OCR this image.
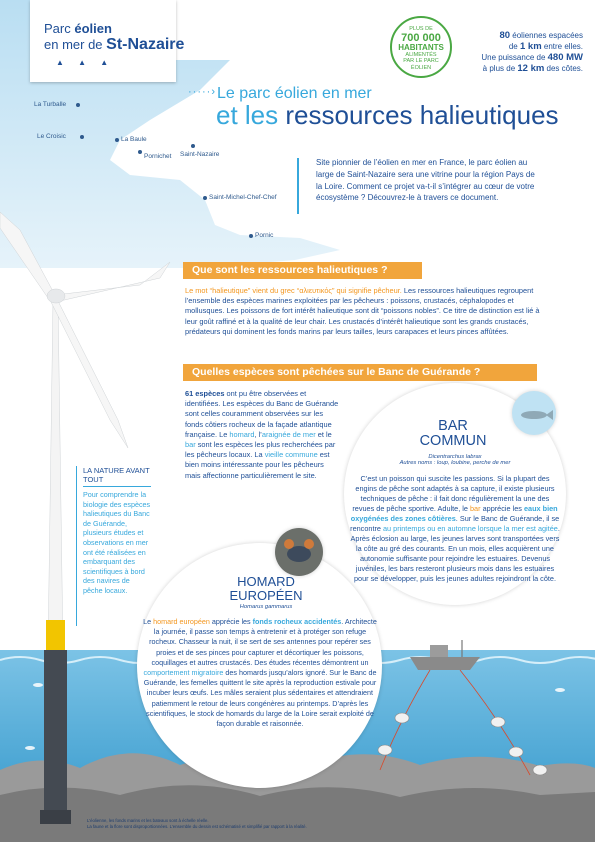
Parc éolien
en mer de St-Nazaire
▲ ▲ ▲
PLUS DE
700 000
HABITANTS
ALIMENTÉS
PAR LE PARC
ÉOLIEN
80 éoliennes espacées
de 1 km entre elles.
Une puissance de 480 MW
à plus de 12 km des côtes.
La Turballe
Le Croisic	La Baule
Pornichet Saint-Nazaire
Saint-Michel-Chef-Chef
Pornic
·····› Le parc éolien en mer
et les ressources halieutiques
Site pionnier de l’éolien en mer en France, le parc éolien au large de Saint-Nazaire sera une vitrine pour la région Pays de la Loire. Comment ce projet va-t-il s’intégrer au cœur de votre écosystème ? Découvrez-le à travers ce document.
Que sont les ressources halieutiques ?
Le mot “halieutique” vient du grec “αλιευτικός” qui signifie pêcheur. Les ressources halieutiques regroupent l’ensemble des espèces marines exploitées par les pêcheurs : poissons, crustacés, céphalopodes et mollusques. Les poissons de fort intérêt halieutique sont dit “poissons nobles”. Ce titre de distinction est lié à leur goût raffiné et à la qualité de leur chair. Les crustacés d’intérêt halieutique sont les grands crustacés, prédateurs qui dominent les fonds marins par leurs tailles, leurs carapaces et leurs pinces affûtées.
Quelles espèces sont pêchées sur le Banc de Guérande ?
61 espèces ont pu être observées et identifiées. Les espèces du Banc de Guérande sont celles couramment observées sur les fonds côtiers rocheux de la façade atlantique française. Le homard, l’araignée de mer et le bar sont les espèces les plus recherchées par les pêcheurs locaux. La vieille commune est bien moins intéressante pour les pêcheurs mais affectionne particulièrement le site.
LA NATURE AVANT TOUT
Pour comprendre la biologie des espèces halieutiques du Banc de Guérande, plusieurs études et observations en mer ont été réalisées en embarquant des scientifiques à bord des navires de pêche locaux.
BAR
COMMUN
Dicentrarchus labrax
Autres noms : loup, loubine, perche de mer
C’est un poisson qui suscite les passions. Si la plupart des engins de pêche sont adaptés à sa capture, il existe plusieurs techniques de pêche : il fait donc régulièrement la une des revues de pêche sportive. Adulte, le bar apprécie les eaux bien oxygénées des zones côtières. Sur le Banc de Guérande, il se rencontre au printemps ou en automne lorsque la mer est agitée. Après éclosion au large, les jeunes larves sont transportées vers la côte au gré des courants. En un mois, elles acquièrent une autonomie suffisante pour rejoindre les estuaires. Devenus juvéniles, les bars resteront plusieurs mois dans les estuaires pour se développer, puis les jeunes adultes rejoindront la côte.
HOMARD
EUROPÉEN
Homarus gammarus
Le homard européen apprécie les fonds rocheux accidentés. Architecte la journée, il passe son temps à entretenir et à protéger son refuge rocheux. Chasseur la nuit, il se sert de ses antennes pour repérer ses proies et de ses pinces pour capturer et décortiquer les poissons, coquillages et autres crustacés. Des études récentes démontrent un comportement migratoire des homards jusqu’alors ignoré. Sur le Banc de Guérande, les femelles quittent le site après la reproduction estivale pour incuber leurs œufs. Les mâles seraient plus sédentaires et attendraient patiemment le retour de leurs congénères au printemps. D’après les scientifiques, le stock de homards du large de la Loire serait exploité de façon durable et raisonnée.
L’éolienne, les fonds marins et les bateaux sont à échelle réelle.
La faune et la flore sont disproportionnées. L’ensemble du dessin est schématisé et simplifié par rapport à la réalité.
